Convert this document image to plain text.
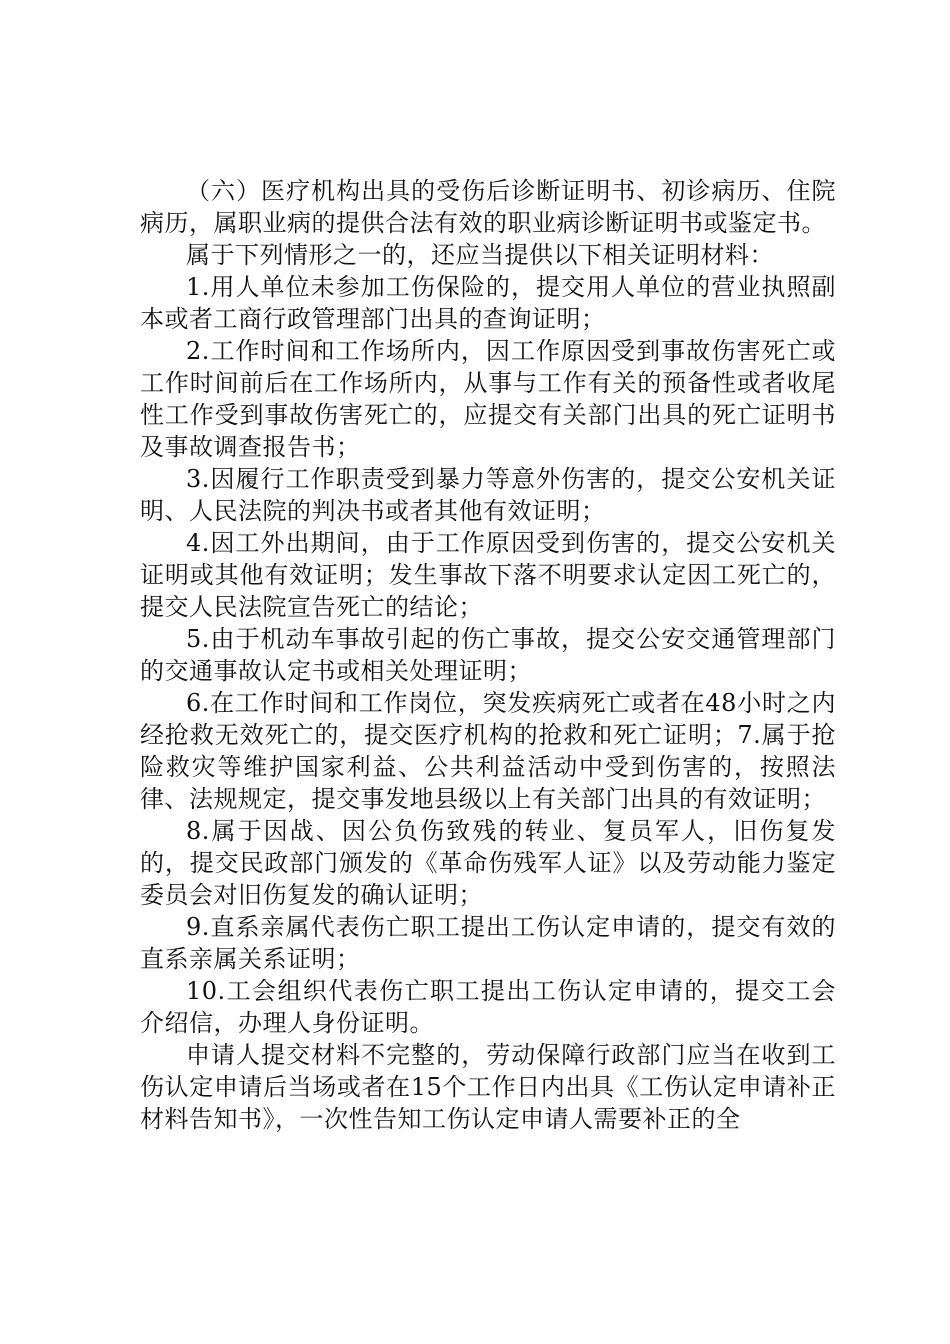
（六）医疗机构出具的受伤后诊断证明书、初诊病历、住院病历，属职业病的提供合法有效的职业病诊断证明书或鉴定书。

属于下列情形之一的，还应当提供以下相关证明材料：

1.用人单位未参加工伤保险的，提交用人单位的营业执照副本或者工商行政管理部门出具的查询证明；

2.工作时间和工作场所内，因工作原因受到事故伤害死亡或工作时间前后在工作场所内，从事与工作有关的预备性或者收尾性工作受到事故伤害死亡的，应提交有关部门出具的死亡证明书及事故调查报告书；

3.因履行工作职责受到暴力等意外伤害的，提交公安机关证明、人民法院的判决书或者其他有效证明；

4.因工外出期间，由于工作原因受到伤害的，提交公安机关证明或其他有效证明；发生事故下落不明要求认定因工死亡的，提交人民法院宣告死亡的结论；

5.由于机动车事故引起的伤亡事故，提交公安交通管理部门的交通事故认定书或相关处理证明；

6.在工作时间和工作岗位，突发疾病死亡或者在48小时之内经抢救无效死亡的，提交医疗机构的抢救和死亡证明；7.属于抢险救灾等维护国家利益、公共利益活动中受到伤害的，按照法律、法规规定，提交事发地县级以上有关部门出具的有效证明；

8.属于因战、因公负伤致残的转业、复员军人，旧伤复发的，提交民政部门颁发的《革命伤残军人证》以及劳动能力鉴定委员会对旧伤复发的确认证明；

9.直系亲属代表伤亡职工提出工伤认定申请的，提交有效的直系亲属关系证明；

10.工会组织代表伤亡职工提出工伤认定申请的，提交工会介绍信，办理人身份证明。

申请人提交材料不完整的，劳动保障行政部门应当在收到工伤认定申请后当场或者在15个工作日内出具《工伤认定申请补正材料告知书》，一次性告知工伤认定申请人需要补正的全
